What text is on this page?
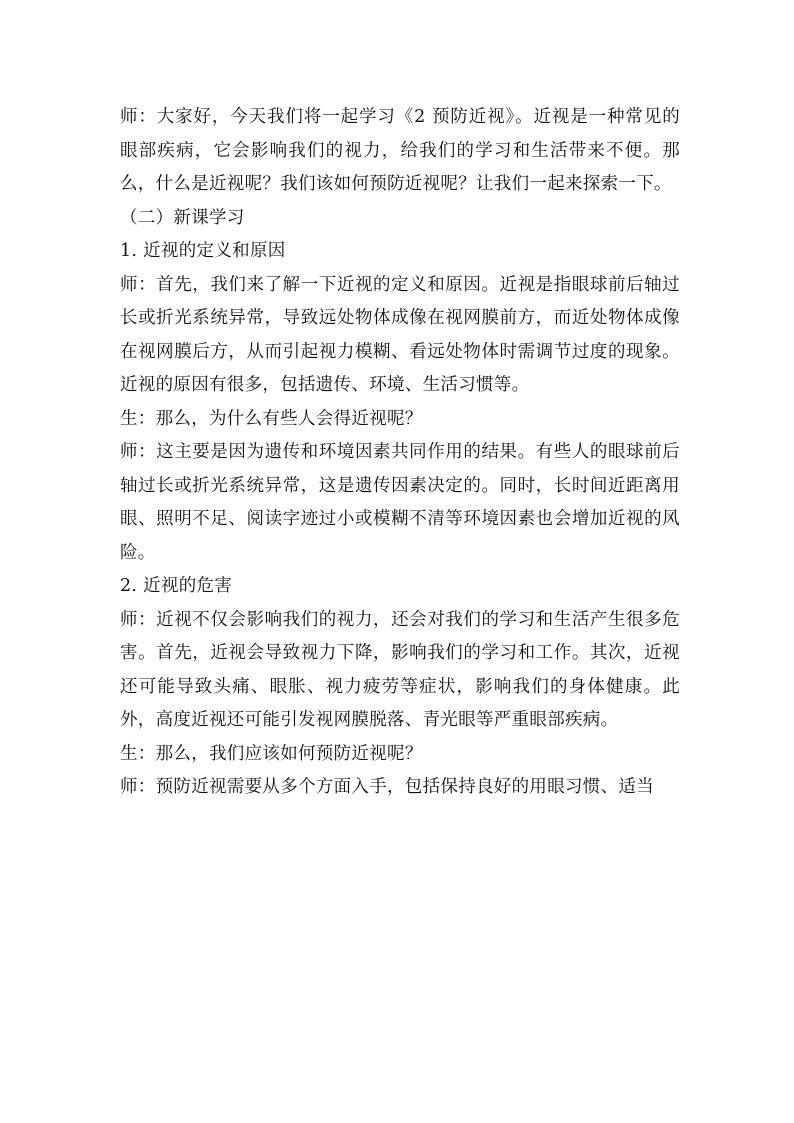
师：大家好，今天我们将一起学习《2 预防近视》。近视是一种常见的眼部疾病，它会影响我们的视力，给我们的学习和生活带来不便。那么，什么是近视呢？我们该如何预防近视呢？让我们一起来探索一下。

（二）新课学习

1. 近视的定义和原因

师：首先，我们来了解一下近视的定义和原因。近视是指眼球前后轴过长或折光系统异常，导致远处物体成像在视网膜前方，而近处物体成像在视网膜后方，从而引起视力模糊、看远处物体时需调节过度的现象。近视的原因有很多，包括遗传、环境、生活习惯等。

生：那么，为什么有些人会得近视呢？

师：这主要是因为遗传和环境因素共同作用的结果。有些人的眼球前后轴过长或折光系统异常，这是遗传因素决定的。同时，长时间近距离用眼、照明不足、阅读字迹过小或模糊不清等环境因素也会增加近视的风险。

2. 近视的危害

师：近视不仅会影响我们的视力，还会对我们的学习和生活产生很多危害。首先，近视会导致视力下降，影响我们的学习和工作。其次，近视还可能导致头痛、眼胀、视力疲劳等症状，影响我们的身体健康。此外，高度近视还可能引发视网膜脱落、青光眼等严重眼部疾病。

生：那么，我们应该如何预防近视呢？

师：预防近视需要从多个方面入手，包括保持良好的用眼习惯、适当
